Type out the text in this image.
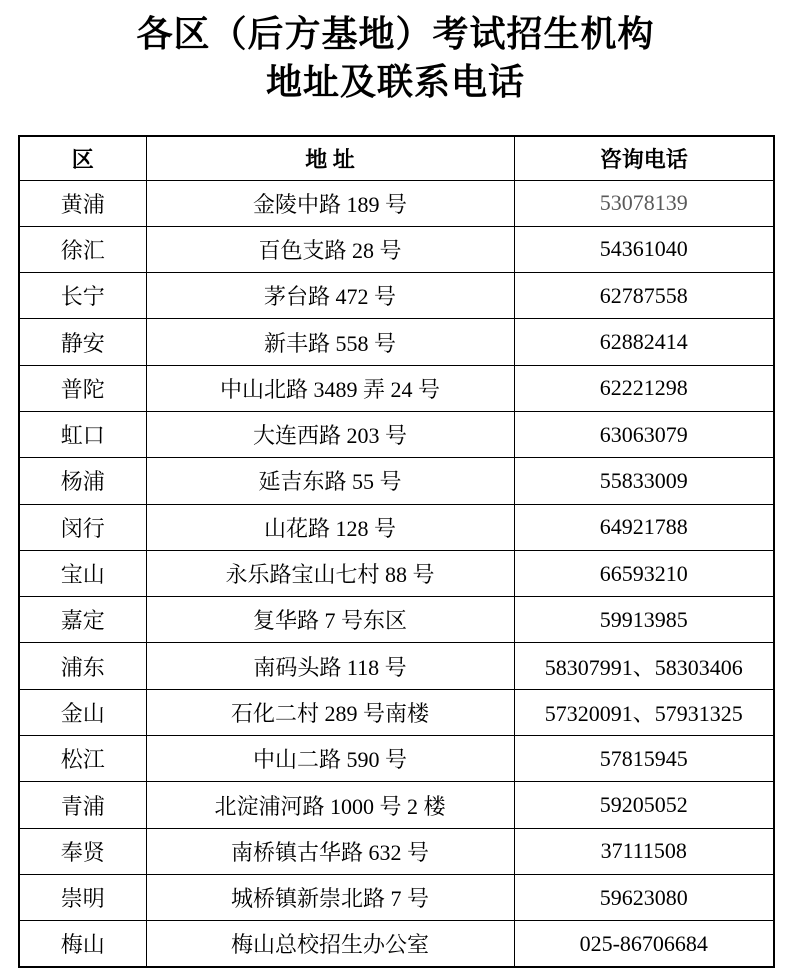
各区（后方基地）考试招生机构
地址及联系电话
区	地 址	咨询电话
黄浦	金陵中路 189 号	53078139
徐汇	百色支路 28 号	54361040
长宁	茅台路 472 号	62787558
静安	新丰路 558 号	62882414
普陀	中山北路 3489 弄 24 号	62221298
虹口	大连西路 203 号	63063079
杨浦	延吉东路 55 号	55833009
闵行	山花路 128 号	64921788
宝山	永乐路宝山七村 88 号	66593210
嘉定	复华路 7 号东区	59913985
浦东	南码头路 118 号	58307991、58303406
金山	石化二村 289 号南楼	57320091、57931325
松江	中山二路 590 号	57815945
青浦	北淀浦河路 1000 号 2 楼	59205052
奉贤	南桥镇古华路 632 号	37111508
崇明	城桥镇新崇北路 7 号	59623080
梅山	梅山总校招生办公室	025-86706684
